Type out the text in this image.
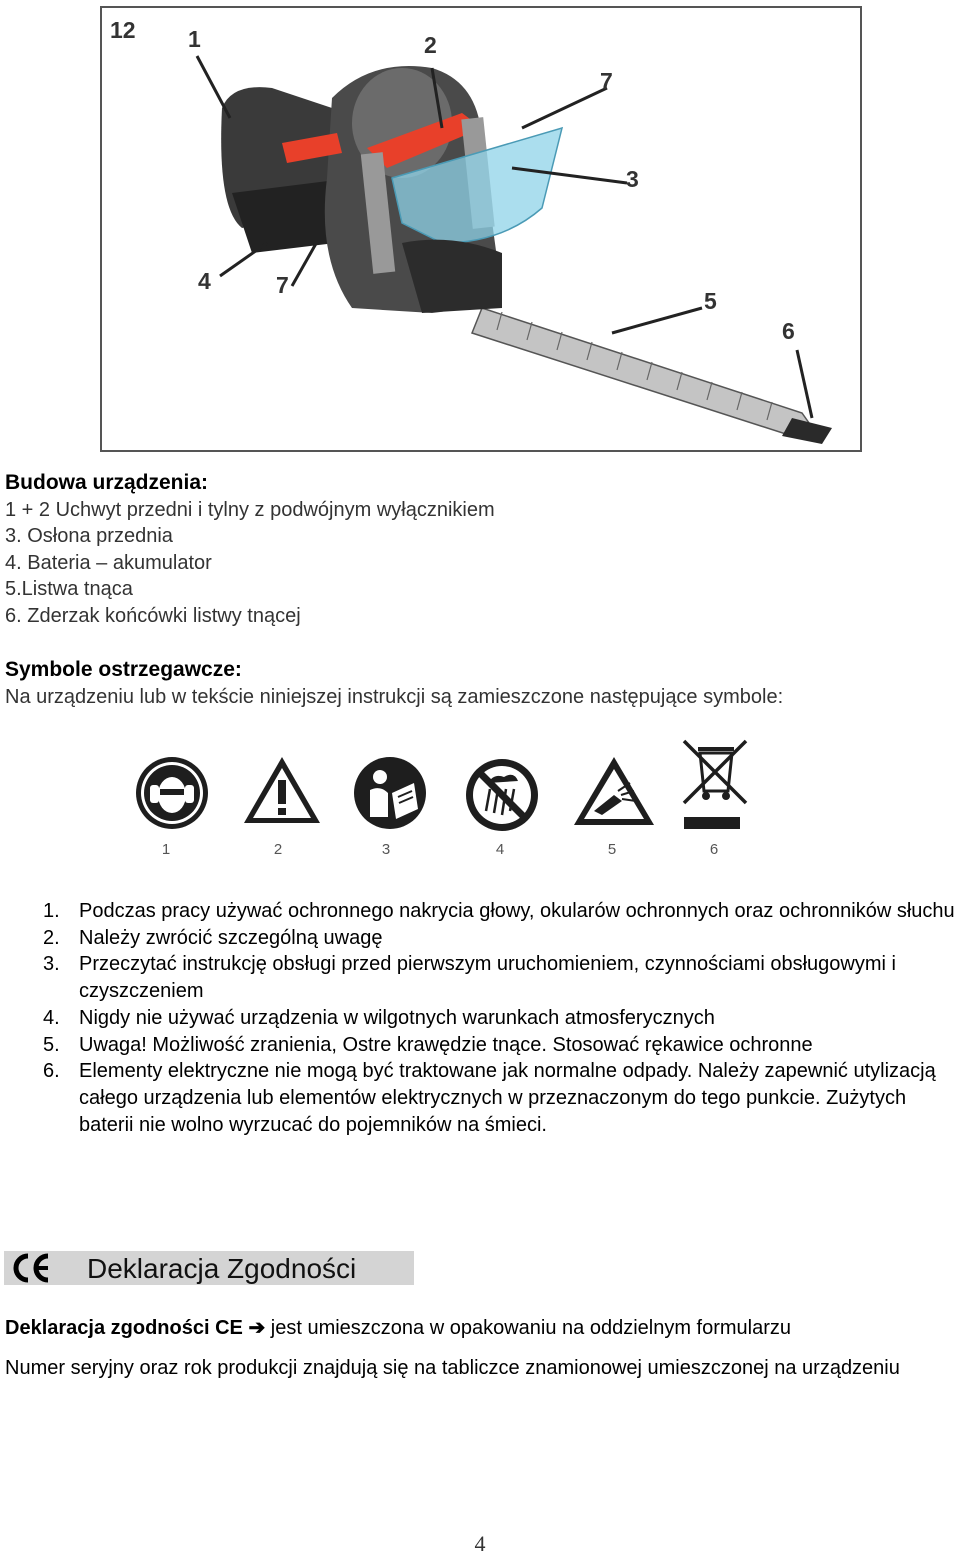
12 1	2
7
3
4	7
5
6
Budowa urządzenia:
1 + 2 Uchwyt przedni i tylny z podwójnym wyłącznikiem
3. Osłona przednia
4. Bateria – akumulator
5.Listwa tnąca
6. Zderzak końcówki listwy tnącej
Symbole ostrzegawcze:
Na urządzeniu lub w tekście niniejszej instrukcji są zamieszczone następujące symbole:
1	2	3	4	5	6
1. Podczas pracy używać ochronnego nakrycia głowy, okularów ochronnych oraz ochronników słuchu
2. Należy zwrócić szczególną uwagę
3. Przeczytać instrukcję obsługi przed pierwszym uruchomieniem, czynnościami obsługowymi i czyszczeniem
4. Nigdy nie używać urządzenia w wilgotnych warunkach atmosferycznych
5. Uwaga! Możliwość zranienia, Ostre krawędzie tnące. Stosować rękawice ochronne
6. Elementy elektryczne nie mogą być traktowane jak normalne odpady. Należy zapewnić utylizacją całego urządzenia lub elementów elektrycznych w przeznaczonym do tego punkcie. Zużytych baterii nie wolno wyrzucać do pojemników na śmieci.
Deklaracja Zgodności
Deklaracja zgodności CE ➔ jest umieszczona w opakowaniu na oddzielnym formularzu
Numer seryjny oraz rok produkcji znajdują się na tabliczce znamionowej umieszczonej na urządzeniu
4
